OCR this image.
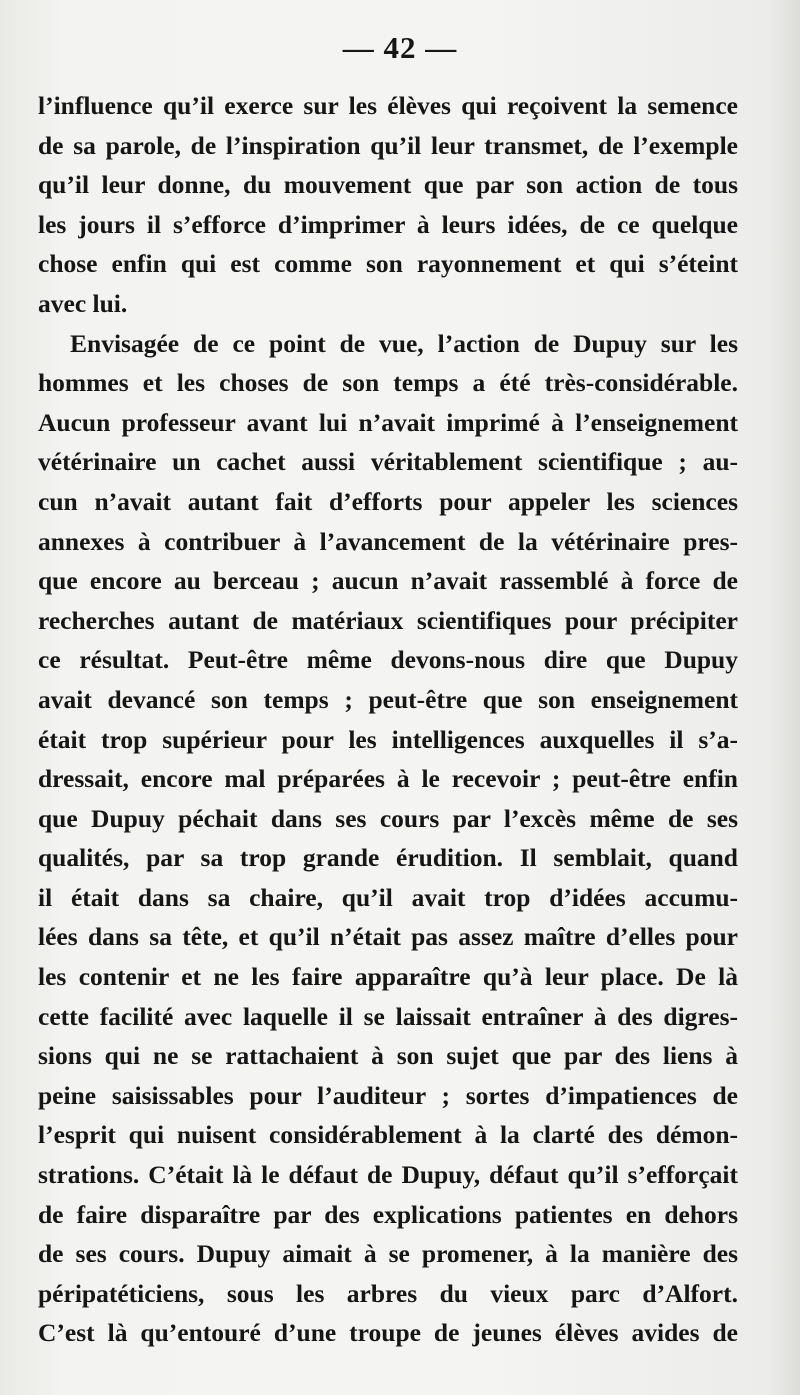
— 42 —
l’influence qu’il exerce sur les élèves qui reçoivent la semence
de sa parole, de l’inspiration qu’il leur transmet, de l’exemple
qu’il leur donne, du mouvement que par son action de tous
les jours il s’efforce d’imprimer à leurs idées, de ce quelque
chose enfin qui est comme son rayonnement et qui s’éteint
avec lui.
Envisagée de ce point de vue, l’action de Dupuy sur les
hommes et les choses de son temps a été très-considérable.
Aucun professeur avant lui n’avait imprimé à l’enseignement
vétérinaire un cachet aussi véritablement scientifique ; au-
cun n’avait autant fait d’efforts pour appeler les sciences
annexes à contribuer à l’avancement de la vétérinaire pres-
que encore au berceau ; aucun n’avait rassemblé à force de
recherches autant de matériaux scientifiques pour précipiter
ce résultat. Peut-être même devons-nous dire que Dupuy
avait devancé son temps ; peut-être que son enseignement
était trop supérieur pour les intelligences auxquelles il s’a-
dressait, encore mal préparées à le recevoir ; peut-être enfin
que Dupuy péchait dans ses cours par l’excès même de ses
qualités, par sa trop grande érudition. Il semblait, quand
il était dans sa chaire, qu’il avait trop d’idées accumu-
lées dans sa tête, et qu’il n’était pas assez maître d’elles pour
les contenir et ne les faire apparaître qu’à leur place. De là
cette facilité avec laquelle il se laissait entraîner à des digres-
sions qui ne se rattachaient à son sujet que par des liens à
peine saisissables pour l’auditeur ; sortes d’impatiences de
l’esprit qui nuisent considérablement à la clarté des démon-
strations. C’était là le défaut de Dupuy, défaut qu’il s’efforçait
de faire disparaître par des explications patientes en dehors
de ses cours. Dupuy aimait à se promener, à la manière des
péripatéticiens, sous les arbres du vieux parc d’Alfort.
C’est là qu’entouré d’une troupe de jeunes élèves avides de
